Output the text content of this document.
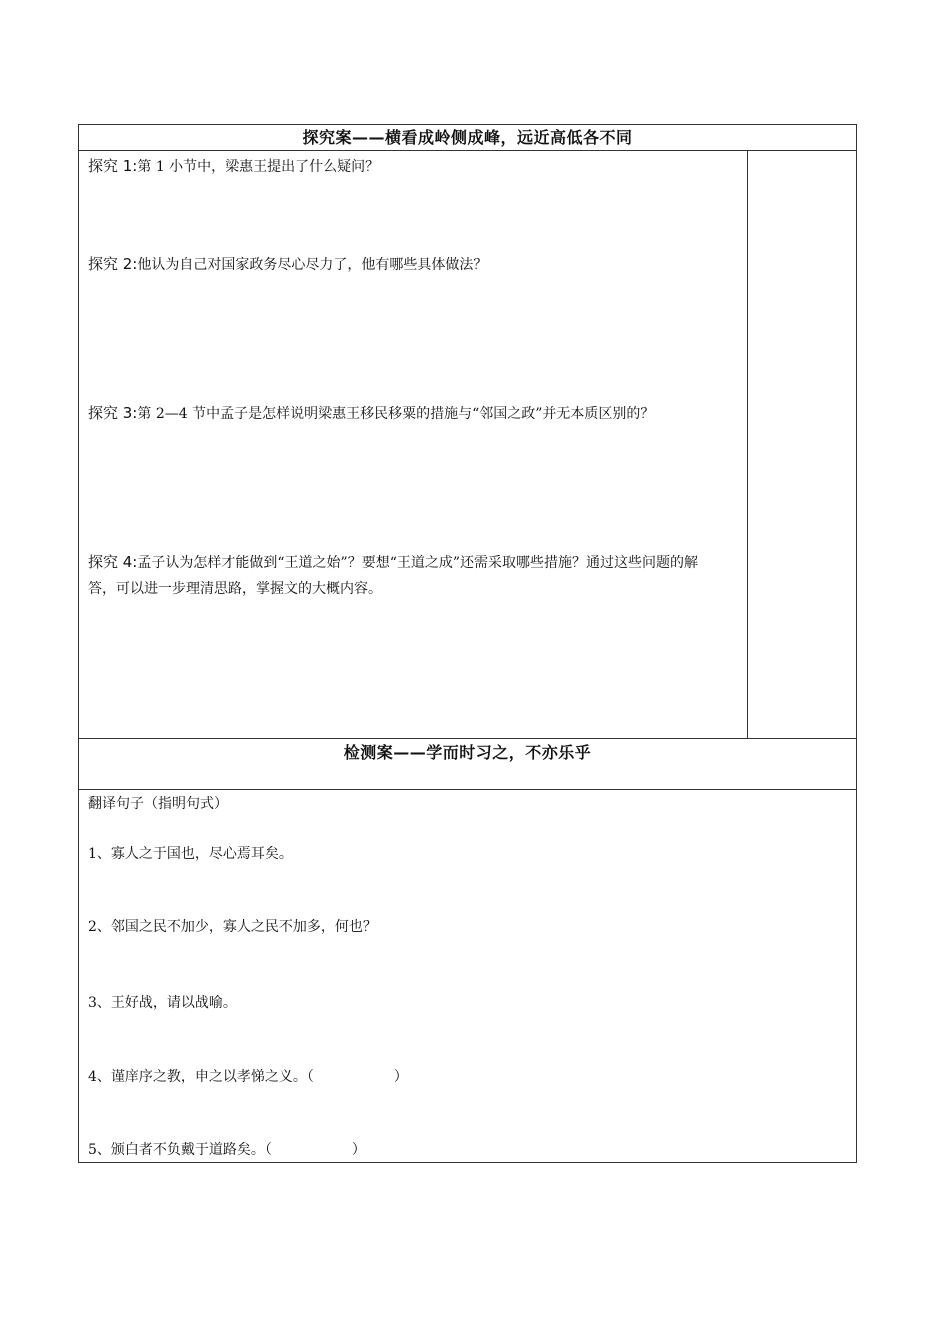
探究案——横看成岭侧成峰，远近高低各不同

探究 1:第 1 小节中，梁惠王提出了什么疑问？
探究 2:他认为自己对国家政务尽心尽力了，他有哪些具体做法？
探究 3:第 2—4 节中孟子是怎样说明梁惠王移民移粟的措施与“邻国之政”并无本质区别的？
探究 4:孟子认为怎样才能做到“王道之始”？要想“王道之成”还需采取哪些措施？通过这些问题的解答，可以进一步理清思路，掌握文的大概内容。

检测案——学而时习之，不亦乐乎

翻译句子（指明句式）
1、寡人之于国也，尽心焉耳矣。
2、邻国之民不加少，寡人之民不加多，何也？
3、王好战，请以战喻。
4、谨庠序之教，申之以孝悌之义。（	）
5、颁白者不负戴于道路矣。（	）
